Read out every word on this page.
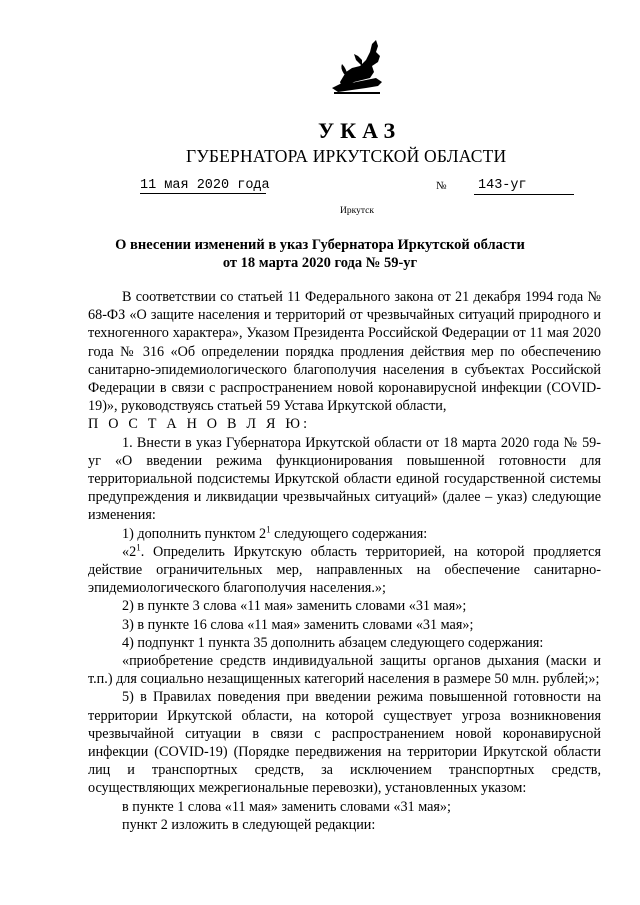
УКАЗ
ГУБЕРНАТОРА ИРКУТСКОЙ ОБЛАСТИ
11 мая 2020 года	№ 143-уг
Иркутск
О внесении изменений в указ Губернатора Иркутской области
от 18 марта 2020 года № 59-уг

В соответствии со статьей 11 Федерального закона от 21 декабря 1994 года № 68-ФЗ «О защите населения и территорий от чрезвычайных ситуаций природного и техногенного характера», Указом Президента Российской Федерации от 11 мая 2020 года № 316 «Об определении порядка продления действия мер по обеспечению санитарно-эпидемиологического благополучия населения в субъектах Российской Федерации в связи с распространением новой коронавирусной инфекции (COVID-19)», руководствуясь статьей 59 Устава Иркутской области,

П О С Т А Н О В Л Я Ю:

1. Внести в указ Губернатора Иркутской области от 18 марта 2020 года № 59-уг «О введении режима функционирования повышенной готовности для территориальной подсистемы Иркутской области единой государственной системы предупреждения и ликвидации чрезвычайных ситуаций» (далее – указ) следующие изменения:

1) дополнить пунктом $2^1$ следующего содержания:

«$2^1$. Определить Иркутскую область территорией, на которой продляется действие ограничительных мер, направленных на обеспечение санитарно-эпидемиологического благополучия населения.»;

2) в пункте 3 слова «11 мая» заменить словами «31 мая»;

3) в пункте 16 слова «11 мая» заменить словами «31 мая»;

4) подпункт 1 пункта 35 дополнить абзацем следующего содержания:

«приобретение средств индивидуальной защиты органов дыхания (маски и т.п.) для социально незащищенных категорий населения в размере 50 млн. рублей;»;

5) в Правилах поведения при введении режима повышенной готовности на территории Иркутской области, на которой существует угроза возникновения чрезвычайной ситуации в связи с распространением новой коронавирусной инфекции (COVID-19) (Порядке передвижения на территории Иркутской области лиц и транспортных средств, за исключением транспортных средств, осуществляющих межрегиональные перевозки), установленных указом:

в пункте 1 слова «11 мая» заменить словами «31 мая»;

пункт 2 изложить в следующей редакции:
